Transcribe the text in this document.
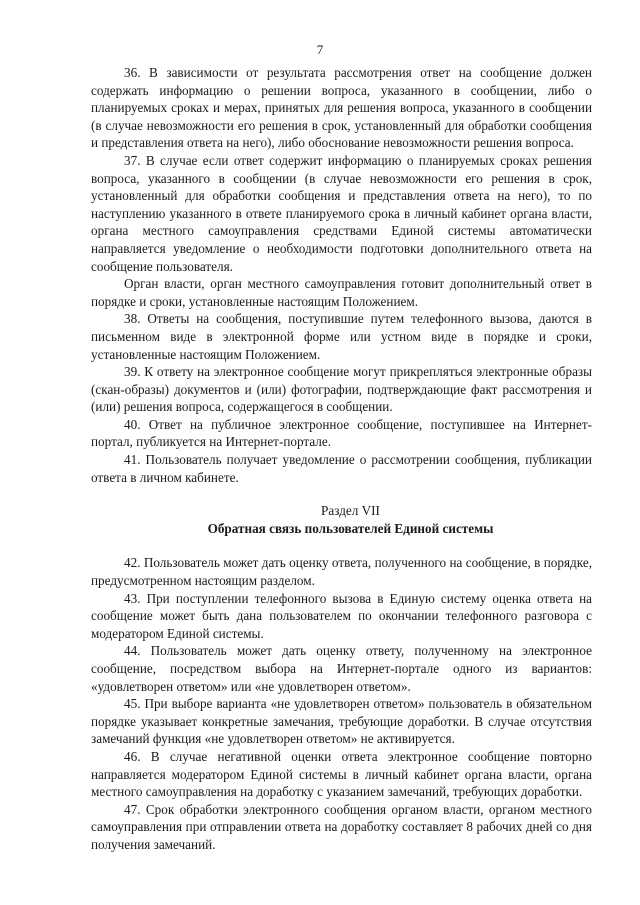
7

36. В зависимости от результата рассмотрения ответ на сообщение должен содержать информацию о решении вопроса, указанного в сообщении, либо о планируемых сроках и мерах, принятых для решения вопроса, указанного в сообщении (в случае невозможности его решения в срок, установленный для обработки сообщения и представления ответа на него), либо обоснование невозможности решения вопроса.

37. В случае если ответ содержит информацию о планируемых сроках решения вопроса, указанного в сообщении (в случае невозможности его решения в срок, установленный для обработки сообщения и представления ответа на него), то по наступлению указанного в ответе планируемого срока в личный кабинет органа власти, органа местного самоуправления средствами Единой системы автоматически направляется уведомление о необходимости подготовки дополнительного ответа на сообщение пользователя.

Орган власти, орган местного самоуправления готовит дополнительный ответ в порядке и сроки, установленные настоящим Положением.

38. Ответы на сообщения, поступившие путем телефонного вызова, даются в письменном виде в электронной форме или устном виде в порядке и сроки, установленные настоящим Положением.

39. К ответу на электронное сообщение могут прикрепляться электронные образы (скан-образы) документов и (или) фотографии, подтверждающие факт рассмотрения и (или) решения вопроса, содержащегося в сообщении.

40. Ответ на публичное электронное сообщение, поступившее на Интернет-портал, публикуется на Интернет-портале.

41. Пользователь получает уведомление о рассмотрении сообщения, публикации ответа в личном кабинете.

Раздел VII

Обратная связь пользователей Единой системы

42. Пользователь может дать оценку ответа, полученного на сообщение, в порядке, предусмотренном настоящим разделом.

43. При поступлении телефонного вызова в Единую систему оценка ответа на сообщение может быть дана пользователем по окончании телефонного разговора с модератором Единой системы.

44. Пользователь может дать оценку ответу, полученному на электронное сообщение, посредством выбора на Интернет-портале одного из вариантов: «удовлетворен ответом» или «не удовлетворен ответом».

45. При выборе варианта «не удовлетворен ответом» пользователь в обязательном порядке указывает конкретные замечания, требующие доработки. В случае отсутствия замечаний функция «не удовлетворен ответом» не активируется.

46. В случае негативной оценки ответа электронное сообщение повторно направляется модератором Единой системы в личный кабинет органа власти, органа местного самоуправления на доработку с указанием замечаний, требующих доработки.

47. Срок обработки электронного сообщения органом власти, органом местного самоуправления при отправлении ответа на доработку составляет 8 рабочих дней со дня получения замечаний.
